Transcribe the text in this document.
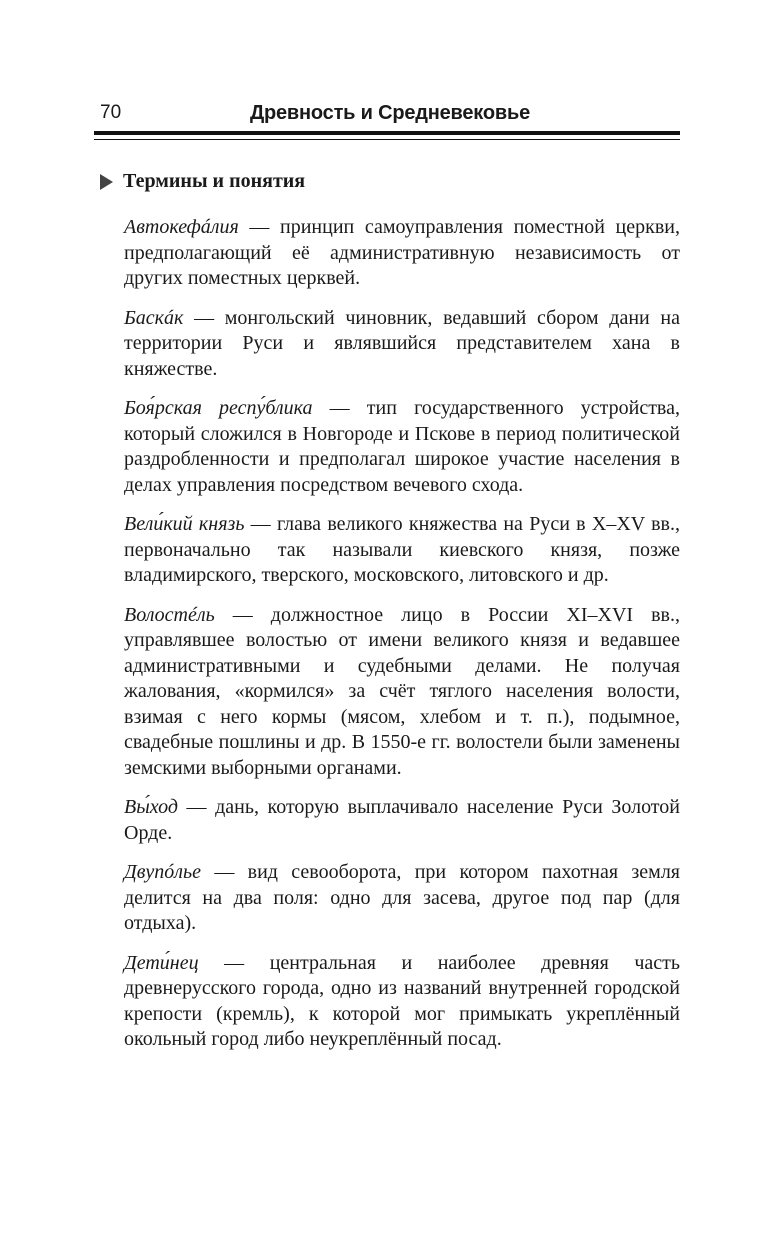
70	Древность и Средневековье
Термины и понятия

Автокефáлия — принцип самоуправления поместной церкви, предполагающий её административную независимость от других поместных церквей.

Баскáк — монгольский чиновник, ведавший сбором дани на территории Руси и являвшийся представителем хана в княжестве.

Боя́рская респу́блика — тип государственного устройства, который сложился в Новгороде и Пскове в период политической раздробленности и предполагал широкое участие населения в делах управления посредством вечевого схода.

Вели́кий князь — глава великого княжества на Руси в X–XV вв., первоначально так называли киевского князя, позже владимирского, тверского, московского, литовского и др.

Волостéль — должностное лицо в России XI–XVI вв., управлявшее волостью от имени великого князя и ведавшее административными и судебными делами. Не получая жалования, «кормился» за счёт тяглого населения волости, взимая с него кормы (мясом, хлебом и т. п.), подымное, свадебные пошлины и др. В 1550-е гг. волостели были заменены земскими выборными органами.

Вы́ход — дань, которую выплачивало население Руси Золотой Орде.

Двупóлье — вид севооборота, при котором пахотная земля делится на два поля: одно для засева, другое под пар (для отдыха).

Дети́нец — центральная и наиболее древняя часть древнерусского города, одно из названий внутренней городской крепости (кремль), к которой мог примыкать укреплённый окольный город либо неукреплённый посад.
